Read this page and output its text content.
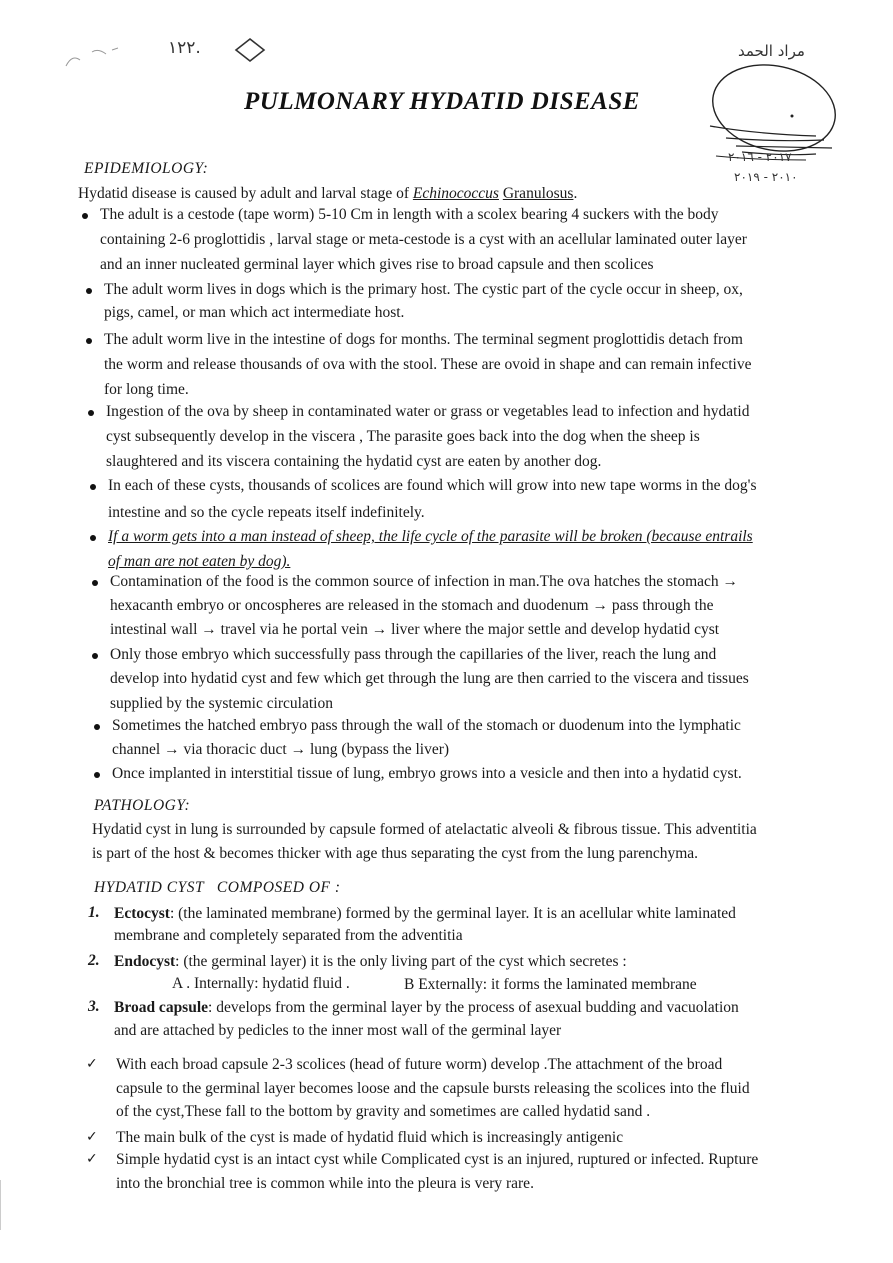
١٢٢.	مراد الحمد
٢٠١٧ - ٢٠١٦
٢٠١٠ - ٢٠١٩
PULMONARY HYDATID DISEASE
EPIDEMIOLOGY:
Hydatid disease is caused by adult and larval stage of Echinococcus Granulosus.
The adult is a cestode (tape worm) 5-10 Cm in length with a scolex bearing 4 suckers with the body
containing 2-6 proglottidis , larval stage or meta-cestode is a cyst with an acellular laminated outer layer
and an inner nucleated germinal layer which gives rise to broad capsule and then scolices
The adult worm lives in dogs which is the primary host. The cystic part of the cycle occur in sheep, ox,
pigs, camel, or man which act intermediate host.
The adult worm live in the intestine of dogs for months. The terminal segment proglottidis detach from
the worm and release thousands of ova with the stool. These are ovoid in shape and can remain infective
for long time.
Ingestion of the ova by sheep in contaminated water or grass or vegetables lead to infection and hydatid
cyst subsequently develop in the viscera , The parasite goes back into the dog when the sheep is
slaughtered and its viscera containing the hydatid cyst are eaten by another dog.
In each of these cysts, thousands of scolices are found which will grow into new tape worms in the dog's
intestine and so the cycle repeats itself indefinitely.
If a worm gets into a man instead of sheep, the life cycle of the parasite will be broken (because entrails
of man are not eaten by dog).
Contamination of the food is the common source of infection in man.The ova hatches the stomach →
hexacanth embryo or oncospheres are released in the stomach and duodenum → pass through the
intestinal wall → travel via he portal vein → liver where the major settle and develop hydatid cyst
Only those embryo which successfully pass through the capillaries of the liver, reach the lung and
develop into hydatid cyst and few which get through the lung are then carried to the viscera and tissues
supplied by the systemic circulation
Sometimes the hatched embryo pass through the wall of the stomach or duodenum into the lymphatic
channel → via thoracic duct → lung (bypass the liver)
Once implanted in interstitial tissue of lung, embryo grows into a vesicle and then into a hydatid cyst.
PATHOLOGY:
Hydatid cyst in lung is surrounded by capsule formed of atelactatic alveoli & fibrous tissue. This adventitia
is part of the host & becomes thicker with age thus separating the cyst from the lung parenchyma.
HYDATID CYST   COMPOSED OF :
1. Ectocyst: (the laminated membrane) formed by the germinal layer. It is an acellular white laminated
membrane and completely separated from the adventitia
2. Endocyst: (the germinal layer) it is the only living part of the cyst which secretes :
A . Internally: hydatid fluid .	B Externally: it forms the laminated membrane
3. Broad capsule: develops from the germinal layer by the process of asexual budding and vacuolation
and are attached by pedicles to the inner most wall of the germinal layer
✓ With each broad capsule 2-3 scolices (head of future worm) develop .The attachment of the broad
capsule to the germinal layer becomes loose and the capsule bursts releasing the scolices into the fluid
of the cyst,These fall to the bottom by gravity and sometimes are called hydatid sand .
✓ The main bulk of the cyst is made of hydatid fluid which is increasingly antigenic
✓ Simple hydatid cyst is an intact cyst while Complicated cyst is an injured, ruptured or infected. Rupture
into the bronchial tree is common while into the pleura is very rare.
